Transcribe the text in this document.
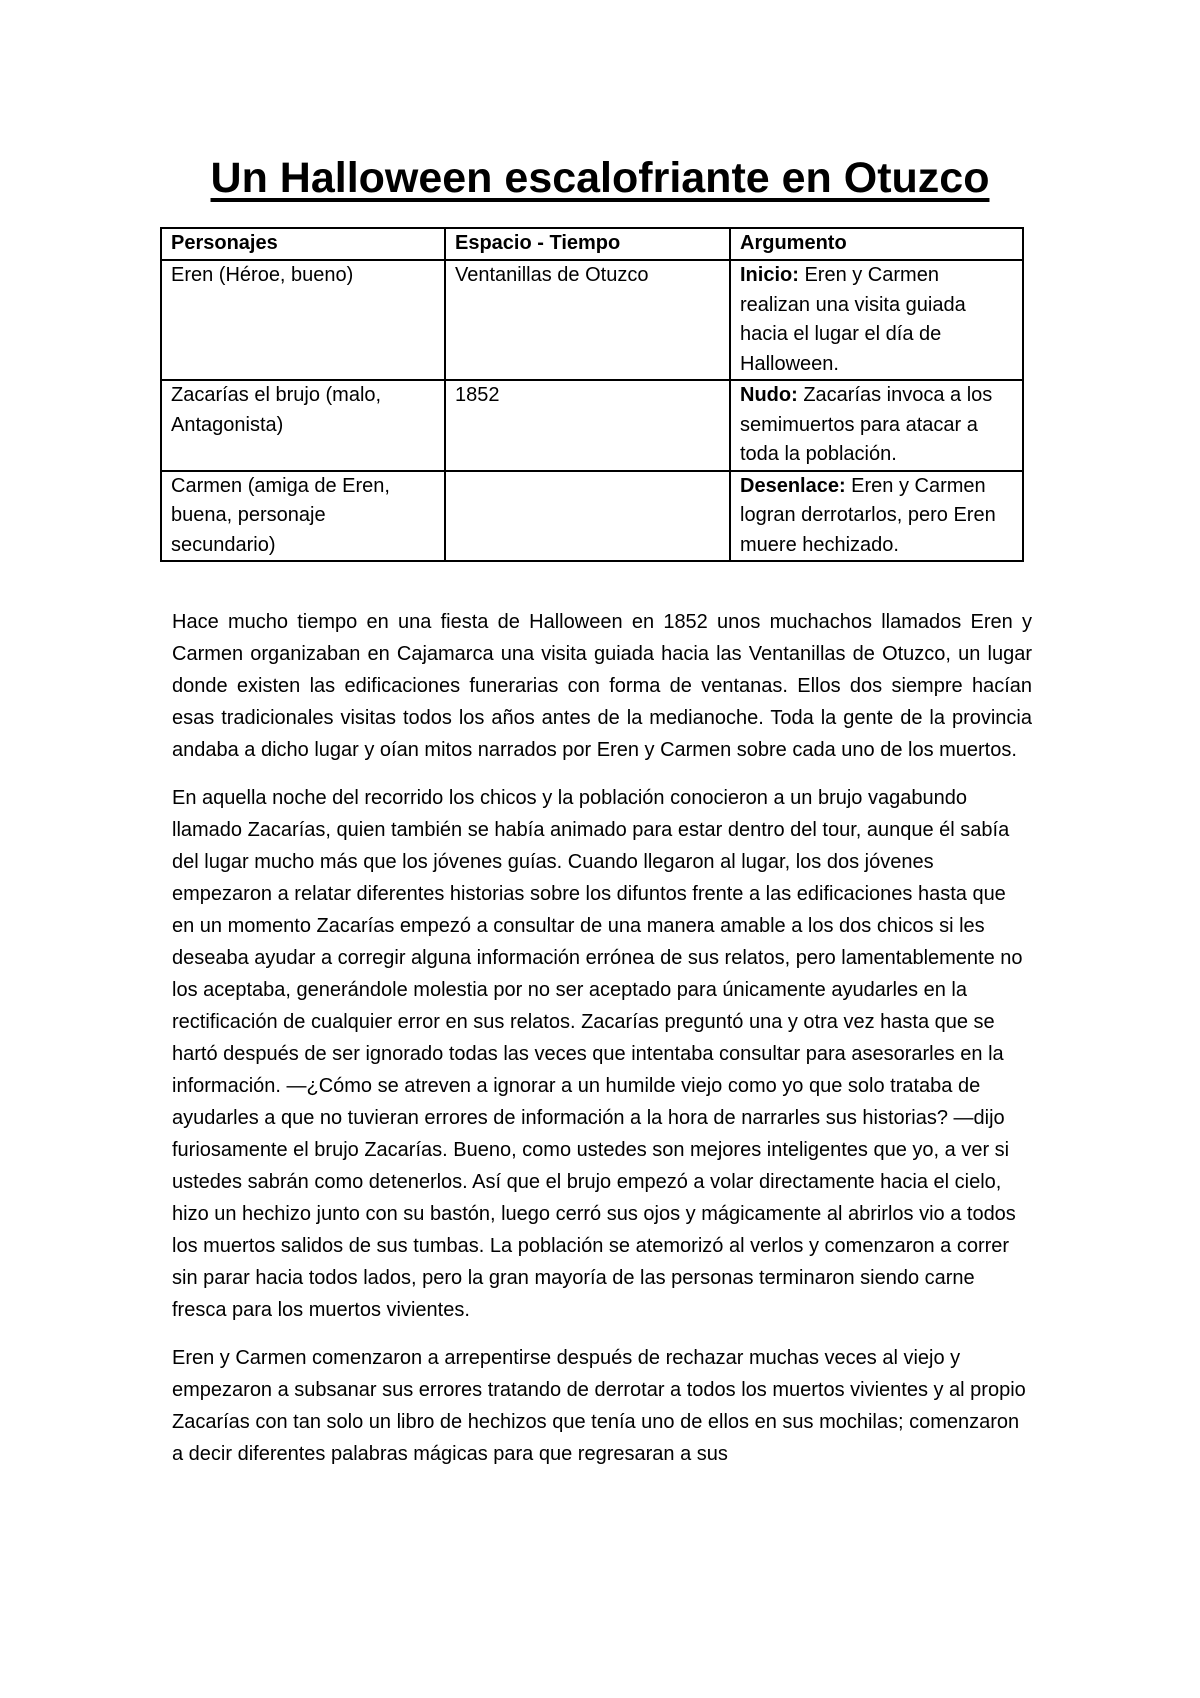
Un Halloween escalofriante en Otuzco
Personajes	Espacio - Tiempo	Argumento
Eren (Héroe, bueno)	Ventanillas de Otuzco	Inicio: Eren y Carmen realizan una visita guiada hacia el lugar el día de Halloween.
Zacarías el brujo (malo, Antagonista)	1852	Nudo: Zacarías invoca a los semimuertos para atacar a toda la población.
Carmen (amiga de Eren, buena, personaje secundario)		Desenlace: Eren y Carmen logran derrotarlos, pero Eren muere hechizado.

Hace mucho tiempo en una fiesta de Halloween en 1852 unos muchachos llamados Eren y Carmen organizaban en Cajamarca una visita guiada hacia las Ventanillas de Otuzco, un lugar donde existen las edificaciones funerarias con forma de ventanas. Ellos dos siempre hacían esas tradicionales visitas todos los años antes de la medianoche. Toda la gente de la provincia andaba a dicho lugar y oían mitos narrados por Eren y Carmen sobre cada uno de los muertos.

En aquella noche del recorrido los chicos y la población conocieron a un brujo vagabundo llamado Zacarías, quien también se había animado para estar dentro del tour, aunque él sabía del lugar mucho más que los jóvenes guías. Cuando llegaron al lugar, los dos jóvenes empezaron a relatar diferentes historias sobre los difuntos frente a las edificaciones hasta que en un momento Zacarías empezó a consultar de una manera amable a los dos chicos si les deseaba ayudar a corregir alguna información errónea de sus relatos, pero lamentablemente no los aceptaba, generándole molestia por no ser aceptado para únicamente ayudarles en la rectificación de cualquier error en sus relatos. Zacarías preguntó una y otra vez hasta que se hartó después de ser ignorado todas las veces que intentaba consultar para asesorarles en la información. —¿Cómo se atreven a ignorar a un humilde viejo como yo que solo trataba de ayudarles a que no tuvieran errores de información a la hora de narrarles sus historias? —dijo furiosamente el brujo Zacarías. Bueno, como ustedes son mejores inteligentes que yo, a ver si ustedes sabrán como detenerlos. Así que el brujo empezó a volar directamente hacia el cielo, hizo un hechizo junto con su bastón, luego cerró sus ojos y mágicamente al abrirlos vio a todos los muertos salidos de sus tumbas. La población se atemorizó al verlos y comenzaron a correr sin parar hacia todos lados, pero la gran mayoría de las personas terminaron siendo carne fresca para los muertos vivientes.

Eren y Carmen comenzaron a arrepentirse después de rechazar muchas veces al viejo y empezaron a subsanar sus errores tratando de derrotar a todos los muertos vivientes y al propio Zacarías con tan solo un libro de hechizos que tenía uno de ellos en sus mochilas; comenzaron a decir diferentes palabras mágicas para que regresaran a sus
